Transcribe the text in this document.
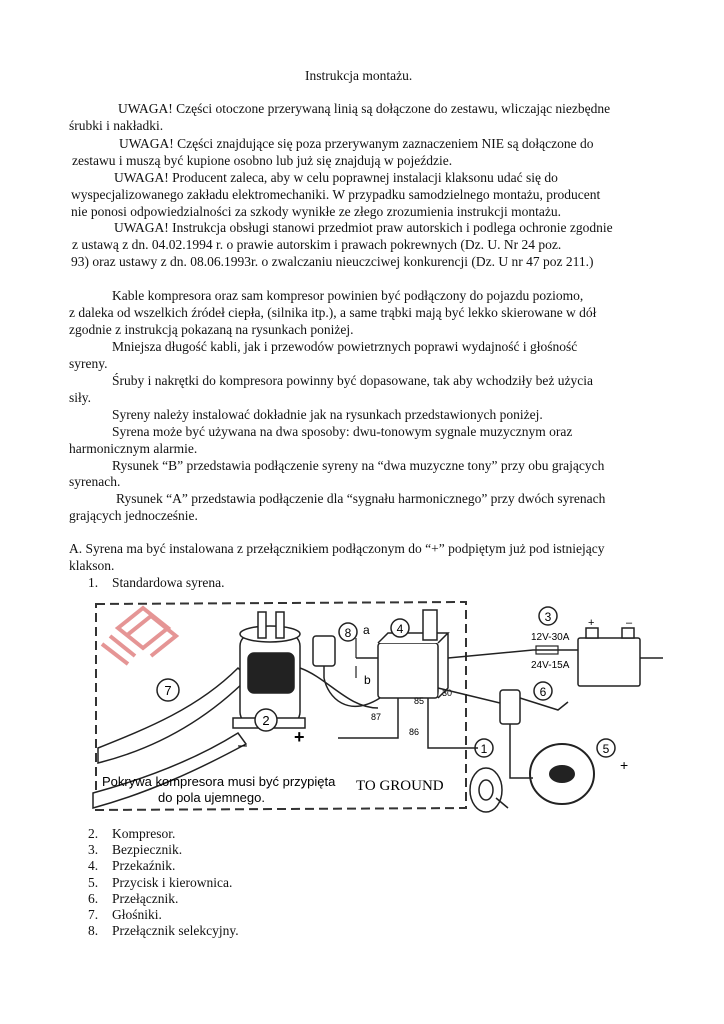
Instrukcja montażu.
UWAGA! Części otoczone przerywaną linią są dołączone do zestawu, wliczając niezbędne
śrubki i nakładki.
UWAGA! Części znajdujące się poza przerywanym zaznaczeniem NIE są dołączone do
zestawu i muszą być kupione osobno lub już się znajdują w pojeździe.
UWAGA! Producent zaleca, aby w celu poprawnej instalacji klaksonu udać się do
wyspecjalizowanego zakładu elektromechaniki. W przypadku samodzielnego montażu, producent
nie ponosi odpowiedzialności za szkody wynikłe ze złego zrozumienia instrukcji montażu.
UWAGA! Instrukcja obsługi stanowi przedmiot praw autorskich i podlega ochronie zgodnie
z ustawą z dn. 04.02.1994 r. o prawie autorskim i prawach pokrewnych (Dz. U. Nr 24 poz.
93) oraz ustawy z dn. 08.06.1993r. o zwalczaniu nieuczciwej konkurencji (Dz. U nr 47 poz 211.)
Kable kompresora oraz sam kompresor powinien być podłączony do pojazdu poziomo,
z daleka od wszelkich źródeł ciepła, (silnika itp.), a same trąbki mają być lekko skierowane w dół
zgodnie z instrukcją pokazaną na rysunkach poniżej.
Mniejsza długość kabli, jak i przewodów powietrznych poprawi wydajność i głośność
syreny.
Śruby i nakrętki do kompresora powinny być dopasowane, tak aby wchodziły beż użycia
siły.
Syreny należy instalować dokładnie jak na rysunkach przedstawionych poniżej.
Syrena może być używana na dwa sposoby: dwu-tonowym sygnale muzycznym oraz
harmonicznym alarmie.
Rysunek “B” przedstawia podłączenie syreny na “dwa muzyczne tony” przy obu grających
syrenach.
Rysunek “A” przedstawia podłączenie dla “sygnału harmonicznego” przy dwóch syrenach
grających jednocześnie.
A. Syrena ma być instalowana z przełącznikiem podłączonym do “+” podpiętym już pod istniejący
klakson.
1. Standardowa syrena.
7
2
+
–
8 a
b
4
87
85
86
30
3
12V-30A
24V-15A
+	–
6
1	5
+
Pokrywa kompresora musi być przypięta
do pola ujemnego.
TO GROUND
2. Kompresor.
3. Bezpiecznik.
4. Przekaźnik.
5. Przycisk i kierownica.
6. Przełącznik.
7. Głośniki.
8. Przełącznik selekcyjny.
